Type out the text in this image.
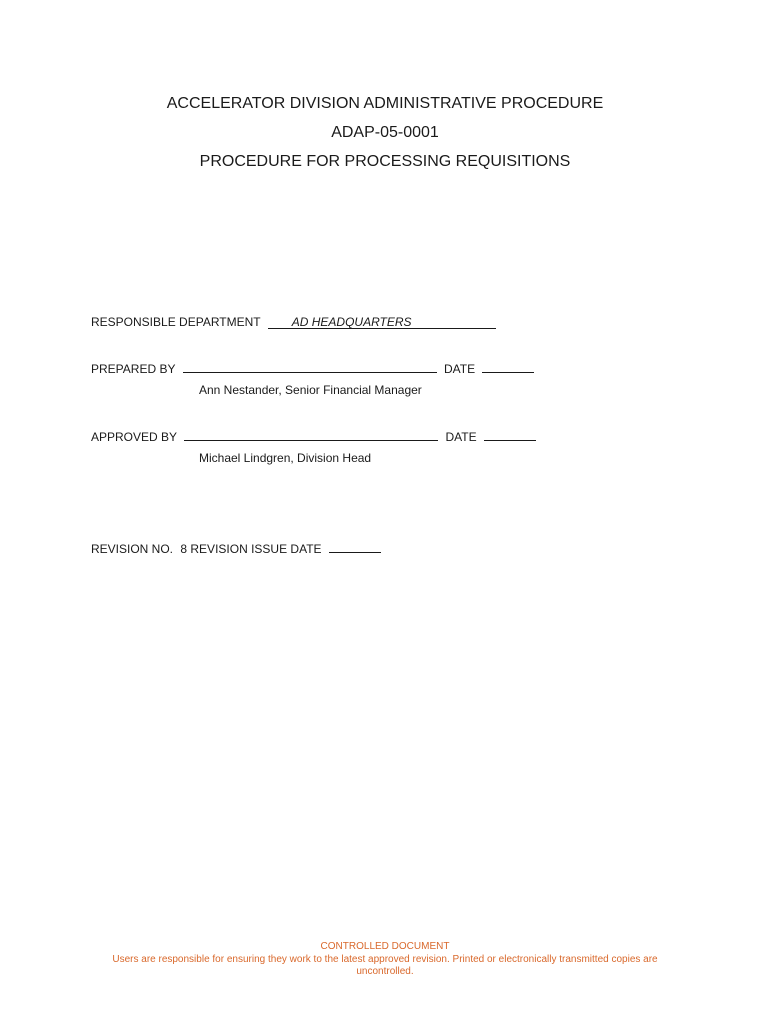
ACCELERATOR DIVISION ADMINISTRATIVE PROCEDURE
ADAP-05-0001
PROCEDURE FOR PROCESSING REQUISITIONS
RESPONSIBLE DEPARTMENT	AD HEADQUARTERS
PREPARED BY	DATE
Ann Nestander, Senior Financial Manager
APPROVED BY	DATE
Michael Lindgren, Division Head
REVISION NO. 8 REVISION ISSUE DATE
CONTROLLED DOCUMENT
Users are responsible for ensuring they work to the latest approved revision. Printed or electronically transmitted copies are
uncontrolled.
